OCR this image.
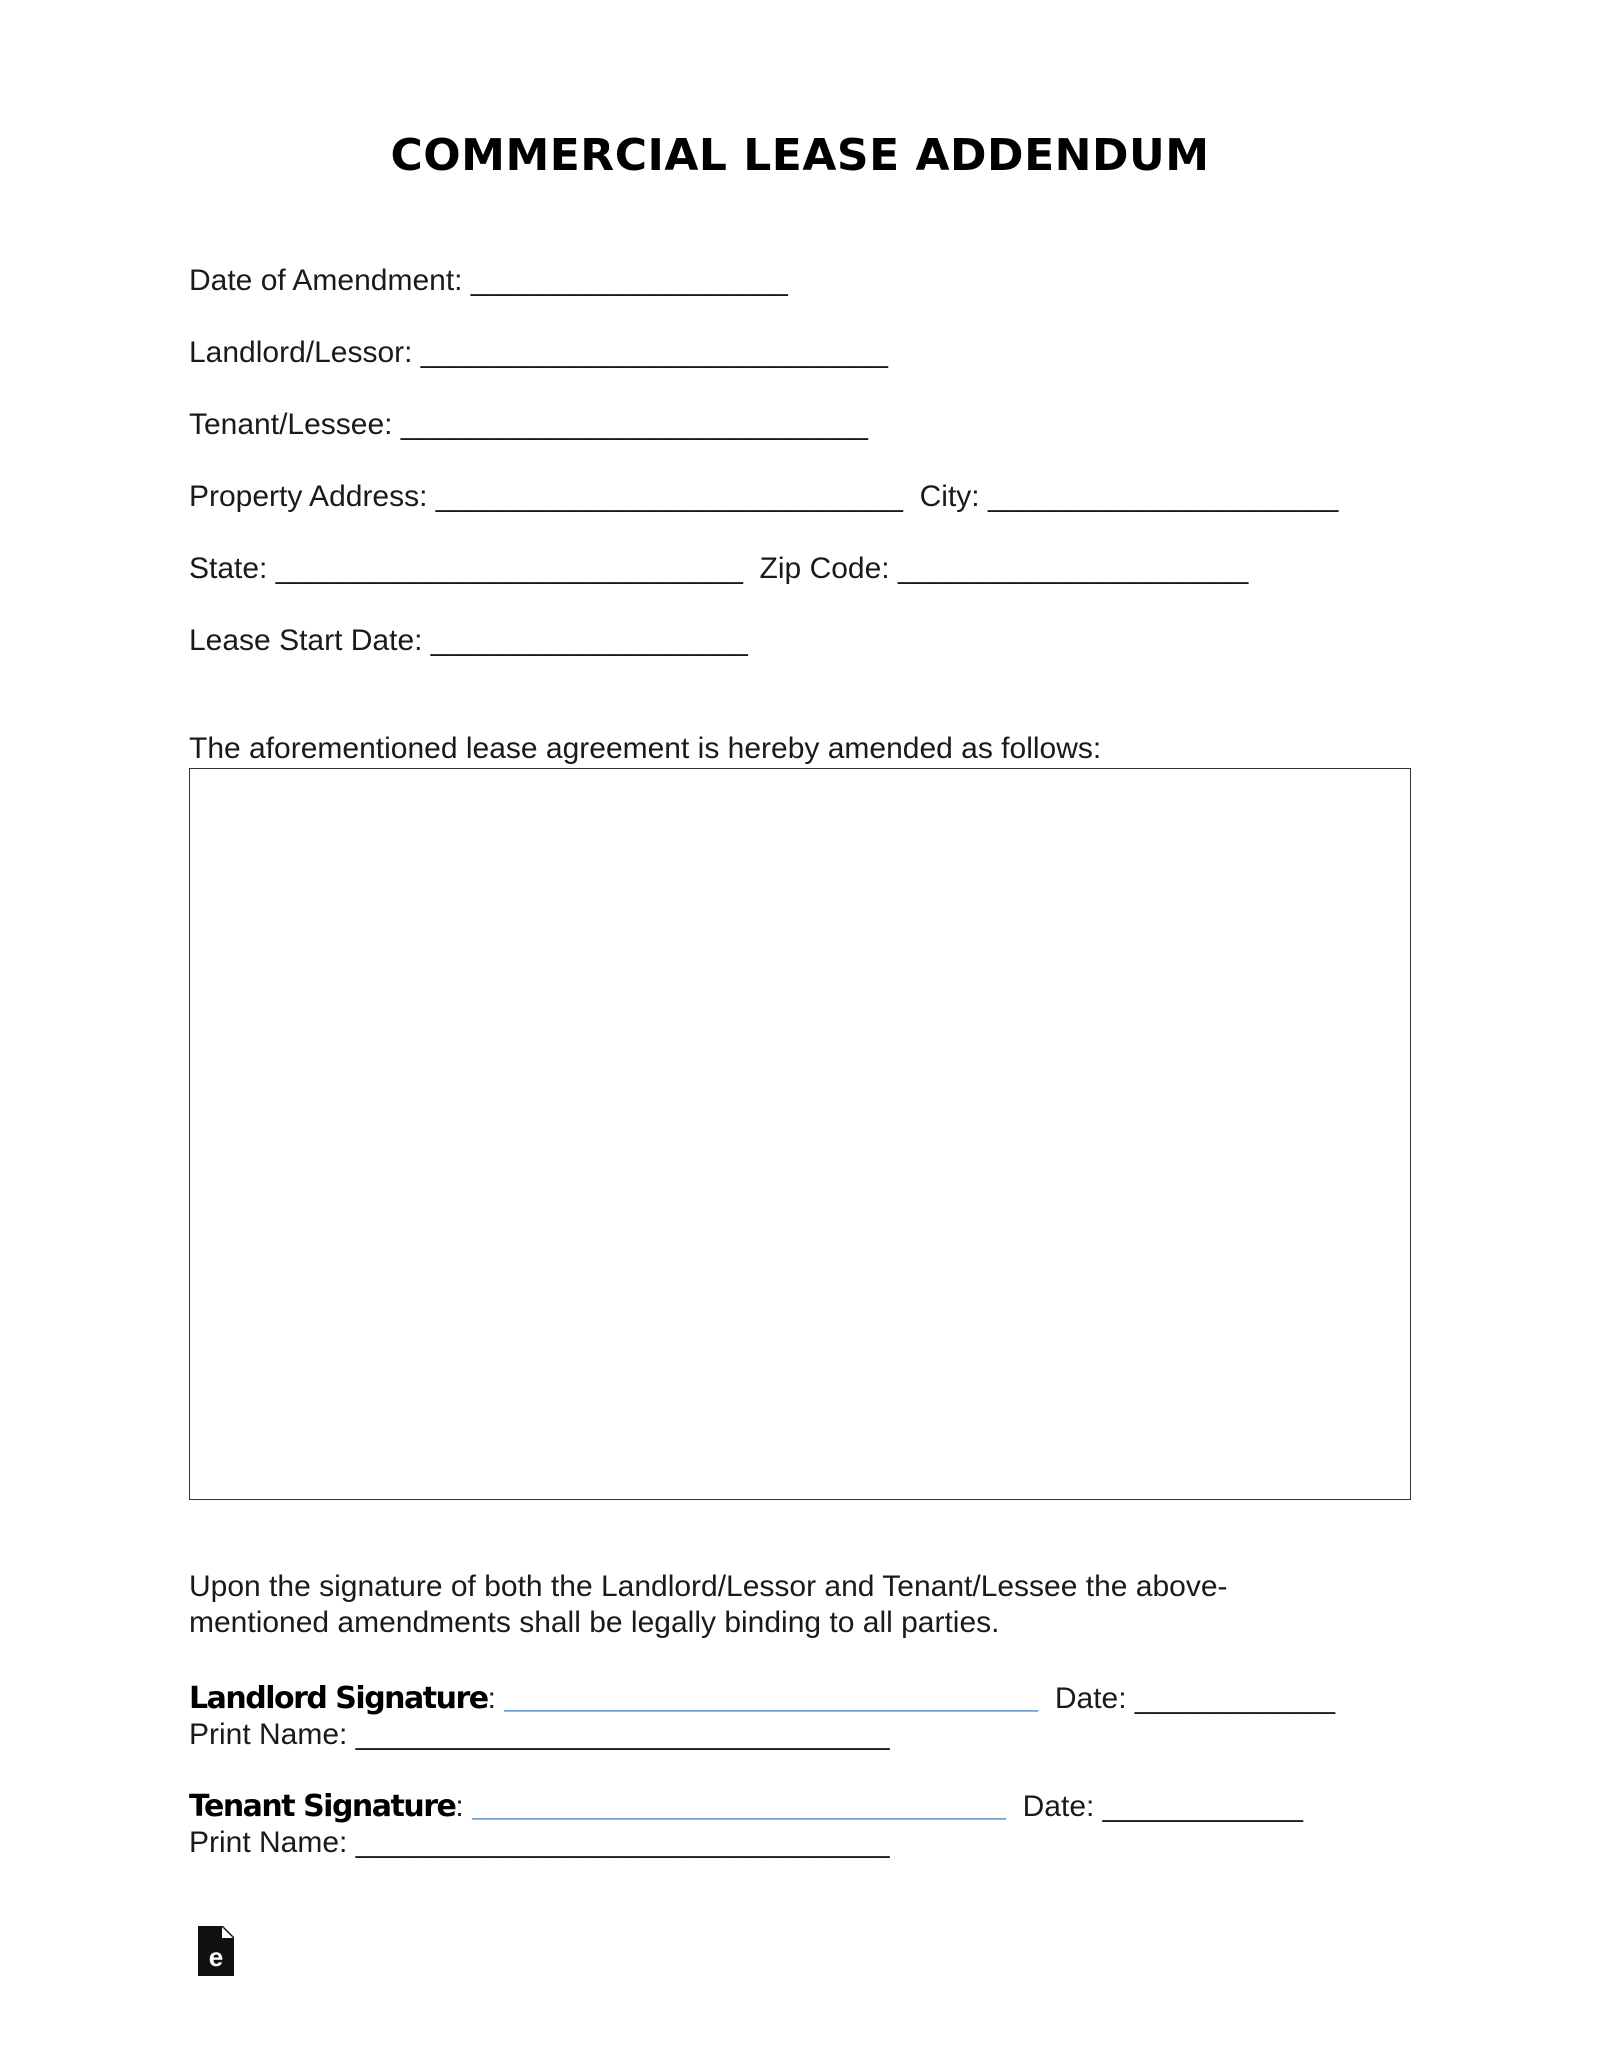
COMMERCIAL LEASE ADDENDUM
Date of Amendment: ___________________
Landlord/Lessor: ____________________________
Tenant/Lessee: ____________________________
Property Address: ____________________________  City: _____________________
State: ____________________________  Zip Code: _____________________
Lease Start Date: ___________________
The aforementioned lease agreement is hereby amended as follows:
Upon the signature of both the Landlord/Lessor and Tenant/Lessee the above-
mentioned amendments shall be legally binding to all parties.
Landlord Signature: ________________________________  Date: ____________
Print Name: ________________________________
Tenant Signature: ________________________________  Date: ____________
Print Name: ________________________________
e
